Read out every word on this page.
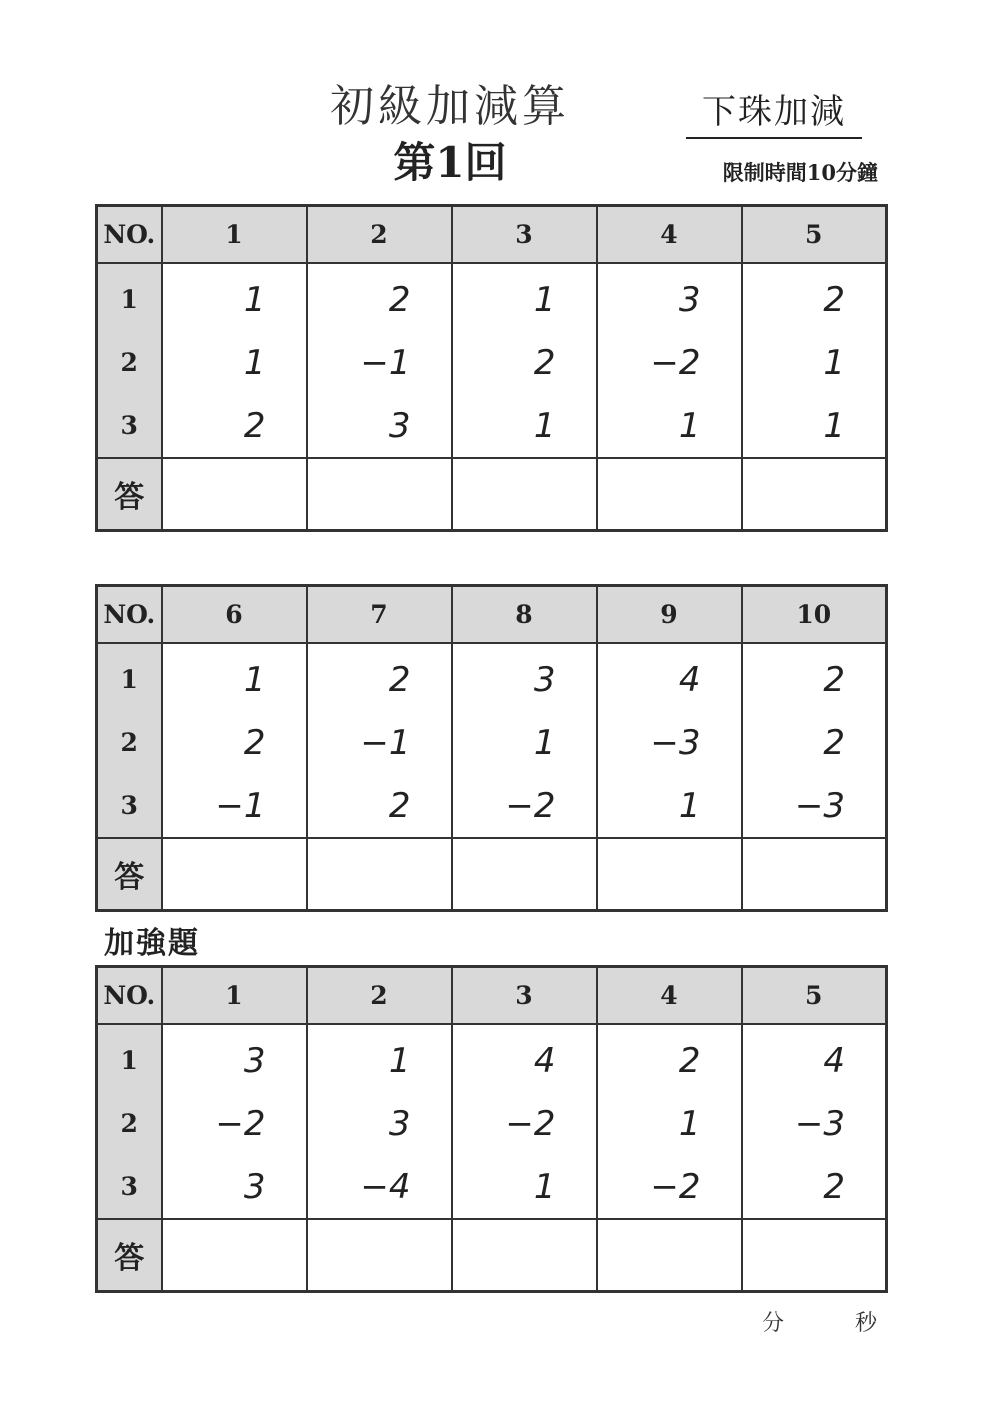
初級加減算
第1回
下珠加減
限制時間10分鐘
NO.	1	2	3	4	5
1	1	2	1	3	2
2	1	−1	2	−2	1
3	2	3	1	1	1
答					
NO.	6	7	8	9	10
1	1	2	3	4	2
2	2	−1	1	−3	2
3	−1	2	−2	1	−3
答					
加強題
NO.	1	2	3	4	5
1	3	1	4	2	4
2	−2	3	−2	1	−3
3	3	−4	1	−2	2
答					
分	秒
